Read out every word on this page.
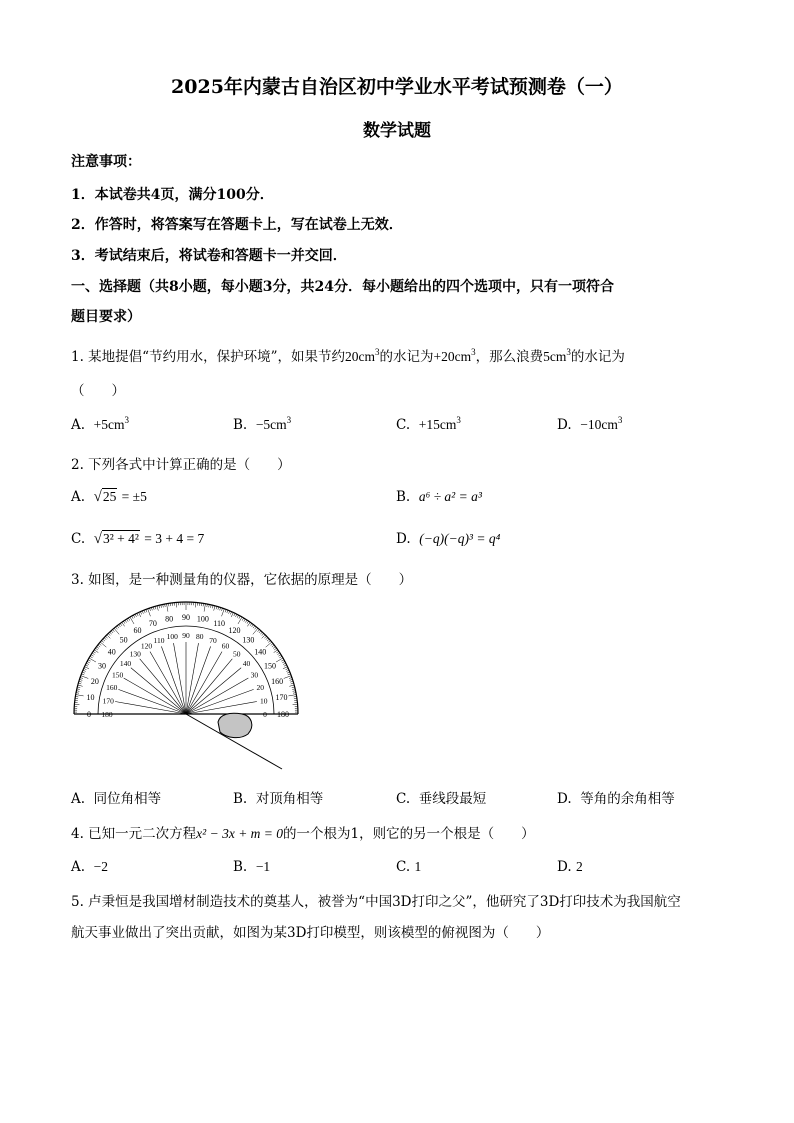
2025年内蒙古自治区初中学业水平考试预测卷（一）
数学试题
注意事项：
1．本试卷共4页，满分100分．
2．作答时，将答案写在答题卡上，写在试卷上无效．
3．考试结束后，将试卷和答题卡一并交回．
一、选择题（共8小题，每小题3分，共24分．每小题给出的四个选项中，只有一项符合
题目要求）
1. 某地提倡“节约用水，保护环境”，如果节约$20cm^3$的水记为$+20cm^3$，那么浪费$5cm^3$的水记为
（　　）
A. $+5cm^3$	B. $-5cm^3$	C. $+15cm^3$	D. $-10cm^3$
2. 下列各式中计算正确的是（　　）
A. √25 = ±5	B. a⁶ ÷ a² = a³
C. √3² + 4² = 3 + 4 = 7	D. (−q)(−q)³ = q⁴
3. 如图，是一种测量角的仪器，它依据的原理是（　　）
180
0
170
10
160
20
150
30
140
40
130
50
120
60
110
70
100
80
90
90
80
100
70
110
60
120
50
130
40
140
30
150
20
160
10 170
0 180
A. 同位角相等	B. 对顶角相等	C. 垂线段最短	D. 等角的余角相等
4. 已知一元二次方程x² − 3x + m = 0的一个根为1，则它的另一个根是（　　）
A. −2	B. −1	C. 1	D. 2
5. 卢秉恒是我国增材制造技术的奠基人，被誉为“中国3D打印之父”，他研究了3D打印技术为我国航空
航天事业做出了突出贡献，如图为某3D打印模型，则该模型的俯视图为（　　）
